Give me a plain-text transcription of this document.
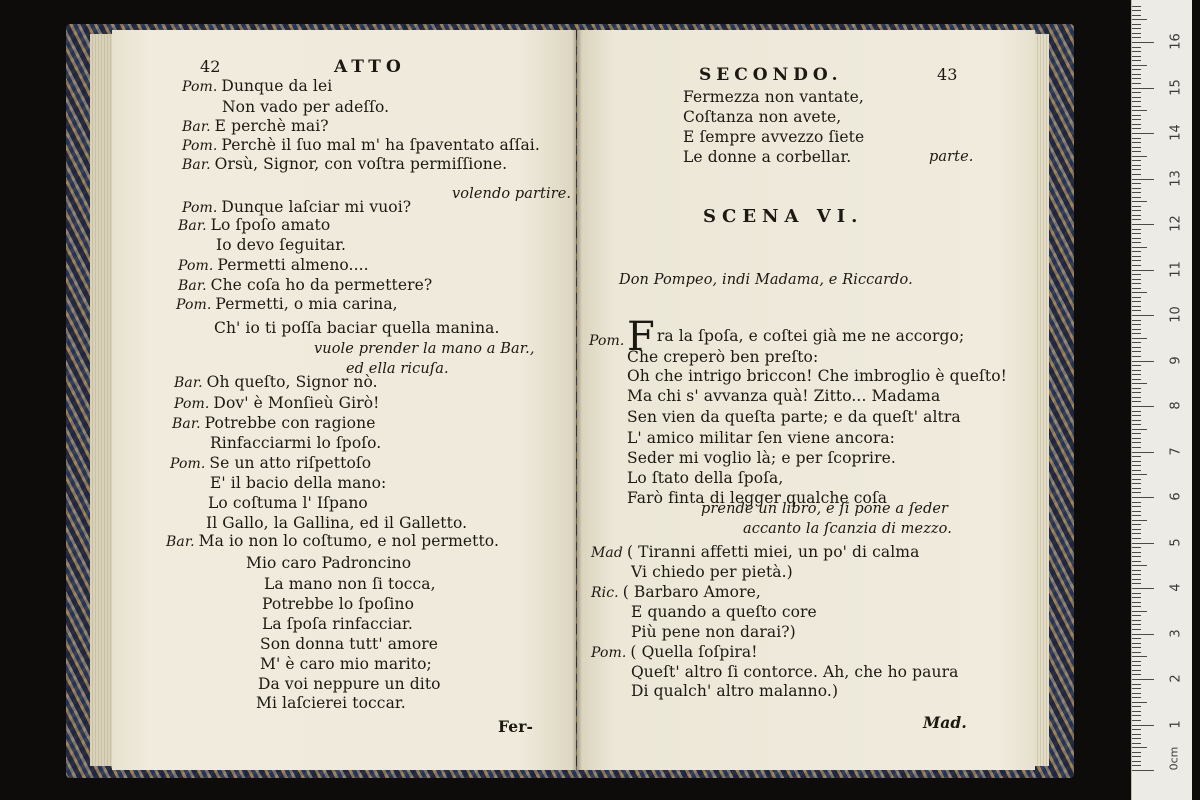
42	ATTO
Pom. Dunque da lei
Non vado per adeſſo.
Bar. E perchè mai?
Pom. Perchè il ſuo mal m' ha ſpaventato aſſai.
Bar. Orsù, Signor, con voſtra permiſſione.
volendo partire.
Pom. Dunque laſciar mi vuoi?
Bar. Lo ſpoſo amato
Io devo ſeguitar.
Pom. Permetti almeno....
Bar. Che coſa ho da permettere?
Pom. Permetti, o mia carina,
Ch' io ti poſſa baciar quella manina.
vuole prender la mano a Bar.,
ed ella ricuſa.
Bar. Oh queſto, Signor nò.
Pom. Dov' è Monſieù Girò!
Bar. Potrebbe con ragione
Rinfacciarmi lo ſpoſo.
Pom. Se un atto riſpettoſo
E' il bacio della mano:
Lo coſtuma l' Iſpano
Il Gallo, la Gallina, ed il Galletto.
Bar. Ma io non lo coſtumo, e nol permetto.
Mio caro Padroncino
La mano non ſi tocca,
Potrebbe lo ſpoſino
La ſpoſa rinfacciar.
Son donna tutt' amore
M' è caro mio marito;
Da voi neppure un dito
Mi laſcierei toccar.
Fer-
SECONDO.	43
Fermezza non vantate,
Coſtanza non avete,
E ſempre avvezzo ſiete
Le donne a corbellar.	parte.
SCENA VI.
Don Pompeo, indi Madama, e Riccardo.
Pom. Fra la ſpoſa, e coſtei già me ne accorgo;
Che creperò ben preſto:
Oh che intrigo briccon! Che imbroglio è queſto!
Ma chi s' avvanza quà! Zitto... Madama
Sen vien da queſta parte; e da queſt' altra
L' amico militar ſen viene ancora:
Seder mi voglio là; e per ſcoprire.
Lo ſtato della ſpoſa,
Farò finta di legger qualche coſa
prende un libro, e ſi pone a ſeder
accanto la ſcanzia di mezzo.
Mad ( Tiranni affetti miei, un po' di calma
Vi chiedo per pietà.)
Ric. ( Barbaro Amore,
E quando a queſto core
Più pene non darai?)
Pom. ( Quella ſoſpira!
Queſt' altro ſi contorce. Ah, che ho paura
Di qualch' altro malanno.)
Mad.	1
2
3
4
5
6
7
8
9
10
11
12
13
14
15
16
0cm
